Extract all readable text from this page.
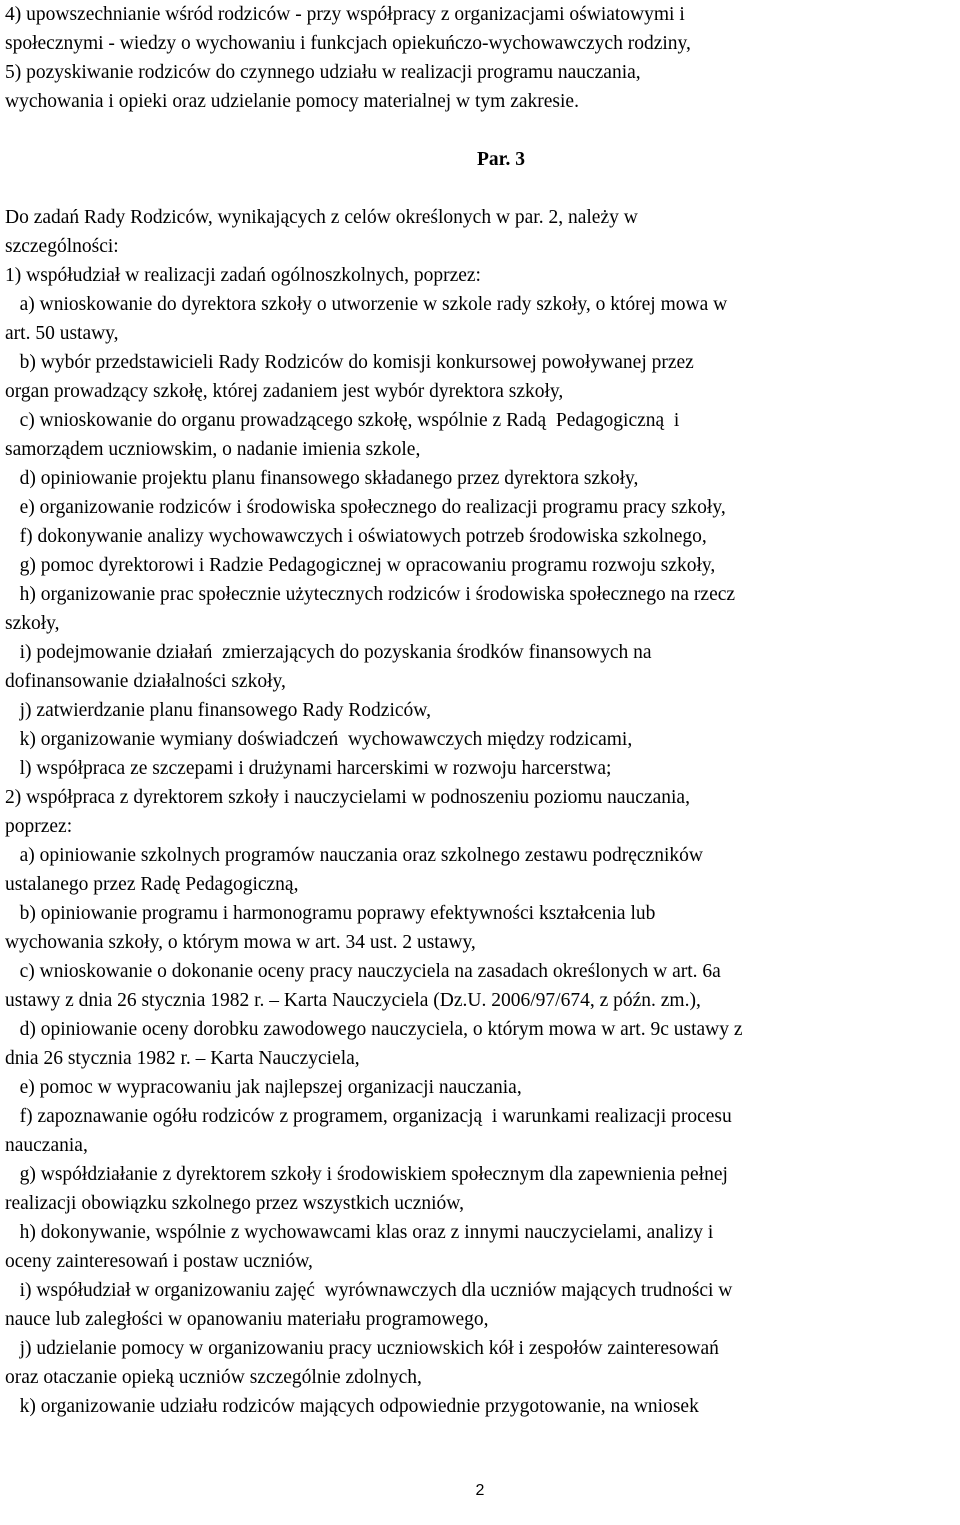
4) upowszechnianie wśród rodziców - przy współpracy z organizacjami oświatowymi i

społecznymi - wiedzy o wychowaniu i funkcjach opiekuńczo-wychowawczych rodziny,

5) pozyskiwanie rodziców do czynnego udziału w realizacji programu nauczania,

wychowania i opieki oraz udzielanie pomocy materialnej w tym zakresie.

Par. 3

Do zadań Rady Rodziców, wynikających z celów określonych w par. 2, należy w

szczególności:

1) współudział w realizacji zadań ogólnoszkolnych, poprzez:

a) wnioskowanie do dyrektora szkoły o utworzenie w szkole rady szkoły, o której mowa w

art. 50 ustawy,

b) wybór przedstawicieli Rady Rodziców do komisji konkursowej powoływanej przez

organ prowadzący szkołę, której zadaniem jest wybór dyrektora szkoły,

c) wnioskowanie do organu prowadzącego szkołę, wspólnie z Radą  Pedagogiczną  i

samorządem uczniowskim, o nadanie imienia szkole,

d) opiniowanie projektu planu finansowego składanego przez dyrektora szkoły,

e) organizowanie rodziców i środowiska społecznego do realizacji programu pracy szkoły,

f) dokonywanie analizy wychowawczych i oświatowych potrzeb środowiska szkolnego,

g) pomoc dyrektorowi i Radzie Pedagogicznej w opracowaniu programu rozwoju szkoły,

h) organizowanie prac społecznie użytecznych rodziców i środowiska społecznego na rzecz

szkoły,

i) podejmowanie działań  zmierzających do pozyskania środków finansowych na

dofinansowanie działalności szkoły,

j) zatwierdzanie planu finansowego Rady Rodziców,

k) organizowanie wymiany doświadczeń  wychowawczych między rodzicami,

l) współpraca ze szczepami i drużynami harcerskimi w rozwoju harcerstwa;

2) współpraca z dyrektorem szkoły i nauczycielami w podnoszeniu poziomu nauczania,

poprzez:

a) opiniowanie szkolnych programów nauczania oraz szkolnego zestawu podręczników

ustalanego przez Radę Pedagogiczną,

b) opiniowanie programu i harmonogramu poprawy efektywności kształcenia lub

wychowania szkoły, o którym mowa w art. 34 ust. 2 ustawy,

c) wnioskowanie o dokonanie oceny pracy nauczyciela na zasadach określonych w art. 6a

ustawy z dnia 26 stycznia 1982 r. – Karta Nauczyciela (Dz.U. 2006/97/674, z późn. zm.),

d) opiniowanie oceny dorobku zawodowego nauczyciela, o którym mowa w art. 9c ustawy z

dnia 26 stycznia 1982 r. – Karta Nauczyciela,

e) pomoc w wypracowaniu jak najlepszej organizacji nauczania,

f) zapoznawanie ogółu rodziców z programem, organizacją  i warunkami realizacji procesu

nauczania,

g) współdziałanie z dyrektorem szkoły i środowiskiem społecznym dla zapewnienia pełnej

realizacji obowiązku szkolnego przez wszystkich uczniów,

h) dokonywanie, wspólnie z wychowawcami klas oraz z innymi nauczycielami, analizy i

oceny zainteresowań i postaw uczniów,

i) współudział w organizowaniu zajęć  wyrównawczych dla uczniów mających trudności w

nauce lub zaległości w opanowaniu materiału programowego,

j) udzielanie pomocy w organizowaniu pracy uczniowskich kół i zespołów zainteresowań

oraz otaczanie opieką uczniów szczególnie zdolnych,

k) organizowanie udziału rodziców mających odpowiednie przygotowanie, na wniosek

2
